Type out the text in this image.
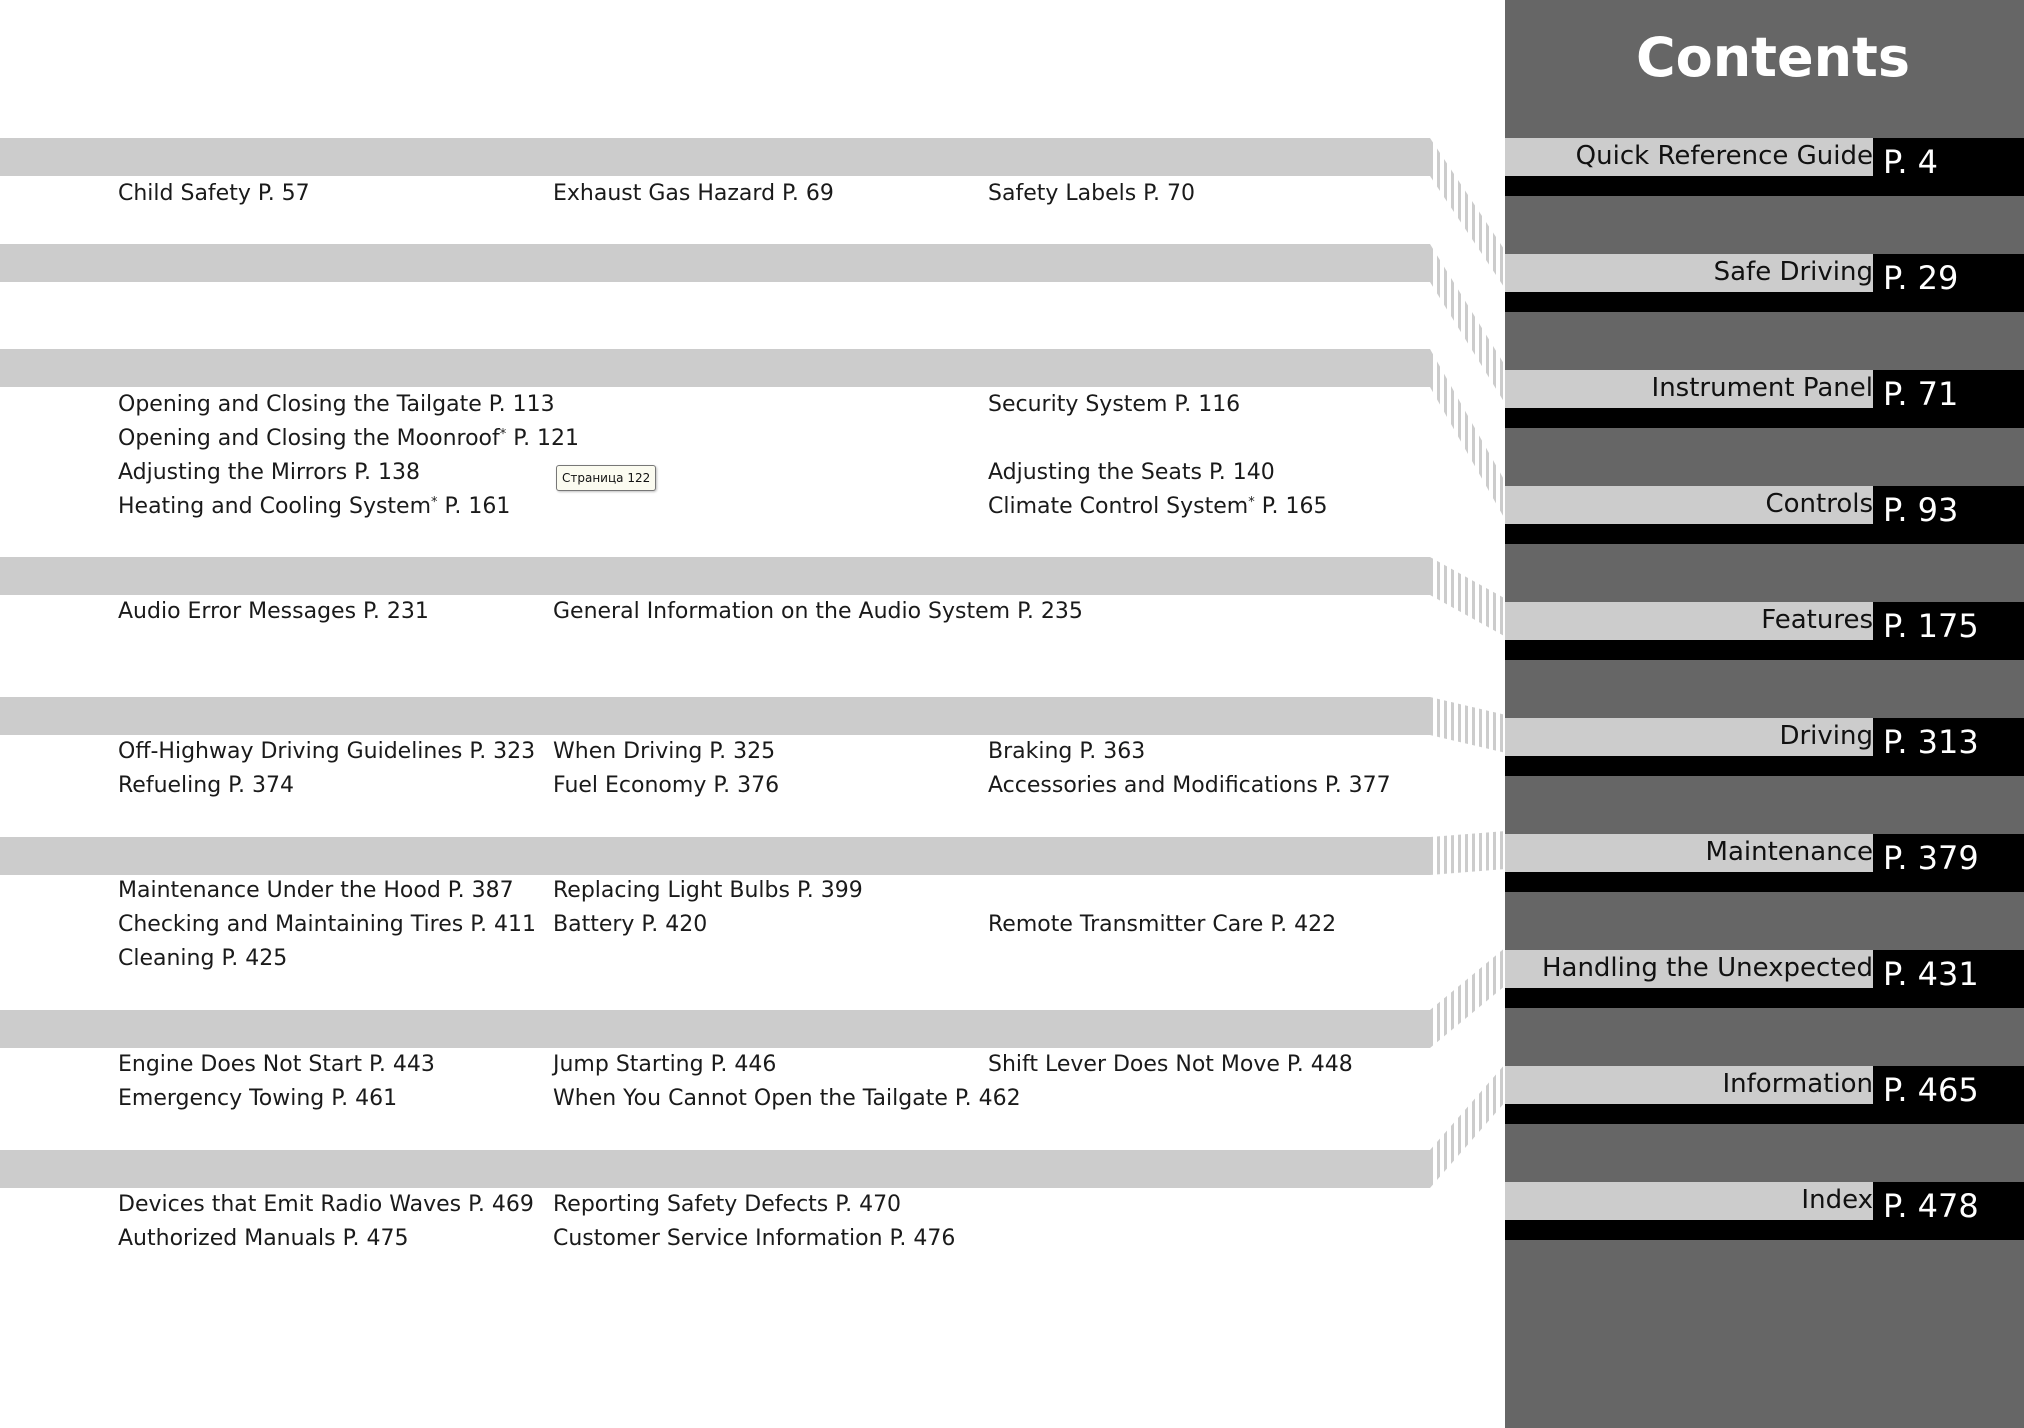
Child Safety P. 57	Exhaust Gas Hazard P. 69	Safety Labels P. 70
Opening and Closing the Tailgate P. 113	Security System P. 116
Opening and Closing the Moonroof* P. 121
Adjusting the Mirrors P. 138	Adjusting the Seats P. 140
Heating and Cooling System* P. 161	Climate Control System* P. 165
Audio Error Messages P. 231	General Information on the Audio System P. 235
Off-Highway Driving Guidelines P. 323 When Driving P. 325	Braking P. 363
Refueling P. 374	Fuel Economy P. 376	Accessories and Modifications P. 377
Maintenance Under the Hood P. 387 Replacing Light Bulbs P. 399
Checking and Maintaining Tires P. 411 Battery P. 420	Remote Transmitter Care P. 422
Cleaning P. 425
Engine Does Not Start P. 443	Jump Starting P. 446	Shift Lever Does Not Move P. 448
Emergency Towing P. 461	When You Cannot Open the Tailgate P. 462
Devices that Emit Radio Waves P. 469 Reporting Safety Defects P. 470
Authorized Manuals P. 475	Customer Service Information P. 476
Страница 122
Contents
Quick Reference Guide P. 4
Safe Driving P. 29
Instrument Panel P. 71
Controls P. 93
Features P. 175
Driving P. 313
Maintenance P. 379
Handling the Unexpected P. 431
Information P. 465
Index P. 478
